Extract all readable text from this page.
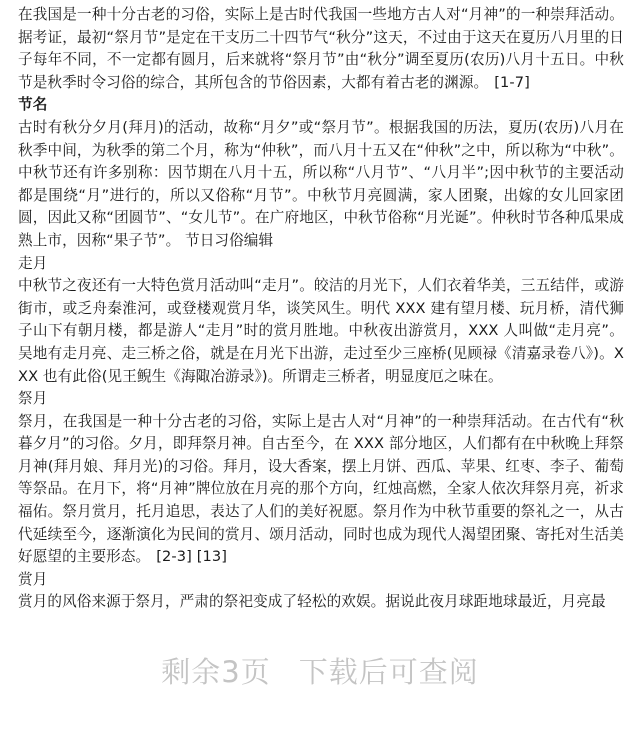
在我国是一种十分古老的习俗，实际上是古时代我国一些地方古人对“月神”的一种崇拜活动。据考证，最初“祭月节”是定在干支历二十四节气“秋分”这天，不过由于这天在夏历八月里的日子每年不同，不一定都有圆月，后来就将“祭月节”由“秋分”调至夏历(农历)八月十五日。中秋节是秋季时令习俗的综合，其所包含的节俗因素，大都有着古老的渊源。 [1-7]

节名

古时有秋分夕月(拜月)的活动，故称“月夕”或“祭月节”。根据我国的历法，夏历(农历)八月在秋季中间，为秋季的第二个月，称为“仲秋”，而八月十五又在“仲秋”之中，所以称为“中秋”。中秋节还有许多别称：因节期在八月十五，所以称“八月节”、“八月半”;因中秋节的主要活动都是围绕“月”进行的，所以又俗称“月节”。中秋节月亮圆满，家人团聚，出嫁的女儿回家团圆，因此又称“团圆节”、“女儿节”。在广府地区，中秋节俗称“月光诞”。仲秋时节各种瓜果成熟上市，因称“果子节”。 节日习俗编辑

走月

中秋节之夜还有一大特色赏月活动叫“走月”。皎洁的月光下，人们衣着华美，三五结伴，或游街市，或乏舟秦淮河，或登楼观赏月华，谈笑风生。明代 XXX 建有望月楼、玩月桥，清代狮子山下有朝月楼，都是游人“走月”时的赏月胜地。中秋夜出游赏月，XXX 人叫做“走月亮”。吴地有走月亮、走三桥之俗，就是在月光下出游，走过至少三座桥(见顾禄《清嘉录卷八》)。XXX 也有此俗(见王鲵生《海陬冶游录》)。所谓走三桥者，明显度厄之味在。

祭月

祭月，在我国是一种十分古老的习俗，实际上是古人对“月神”的一种崇拜活动。在古代有“秋暮夕月”的习俗。夕月，即拜祭月神。自古至今，在 XXX 部分地区，人们都有在中秋晚上拜祭月神(拜月娘、拜月光)的习俗。拜月，设大香案，摆上月饼、西瓜、苹果、红枣、李子、葡萄等祭品。在月下，将“月神”牌位放在月亮的那个方向，红烛高燃，全家人依次拜祭月亮，祈求福佑。祭月赏月，托月追思，表达了人们的美好祝愿。祭月作为中秋节重要的祭礼之一，从古代延续至今，逐渐演化为民间的赏月、颂月活动，同时也成为现代人渴望团聚、寄托对生活美好愿望的主要形态。 [2-3] [13]

赏月

赏月的风俗来源于祭月，严肃的祭祀变成了轻松的欢娱。据说此夜月球距地球最近，月亮最

剩余3页 下载后可查阅
